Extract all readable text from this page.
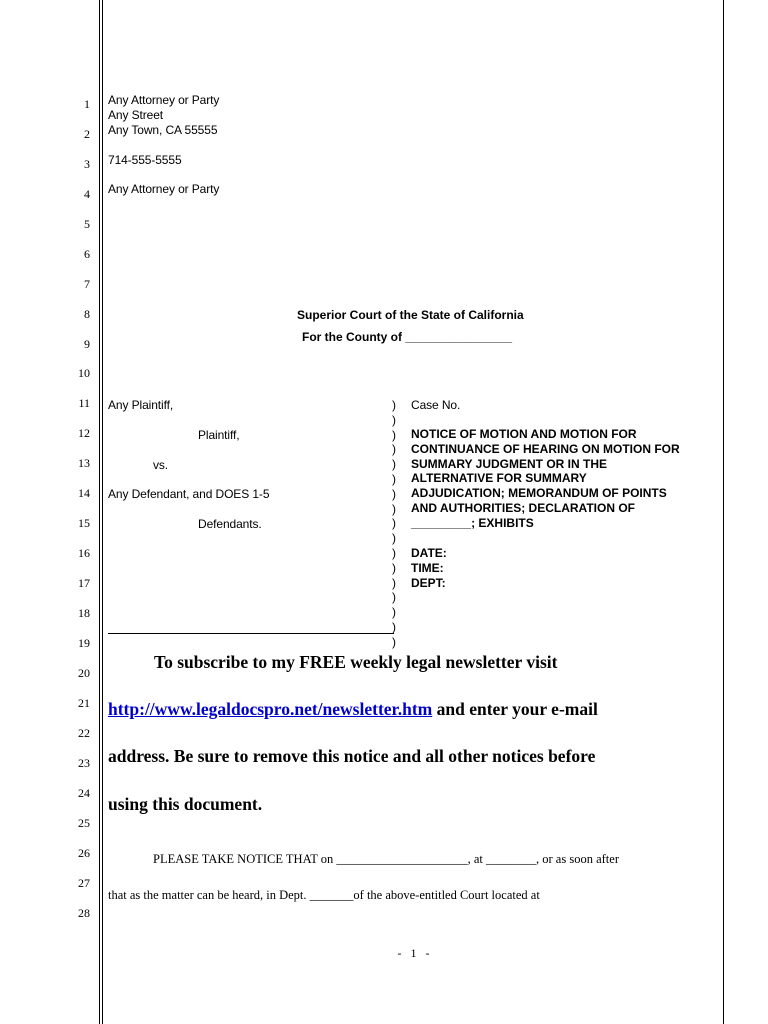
1
2
3
4
5
6
7
8
9
10
11
12
13
14
15
16
17
18
19
20
21
22
23
24
25
26
27
28
Any Attorney or Party
Any Street
Any Town, CA 55555
714-555-5555
Any Attorney or Party
Superior Court of the State of California
For the County of ________________
Any Plaintiff,
Plaintiff,
vs.
Any Defendant, and DOES 1-5
Defendants.
)
)
)
)
)
)
)
)
)
)
)
)
)
)
)
)
)
Case No.
NOTICE OF MOTION AND MOTION FOR
CONTINUANCE OF HEARING ON MOTION FOR
SUMMARY JUDGMENT OR IN THE
ALTERNATIVE FOR SUMMARY
ADJUDICATION; MEMORANDUM OF POINTS
AND AUTHORITIES; DECLARATION OF
_________; EXHIBITS
DATE:
TIME:
DEPT:
To subscribe to my FREE weekly legal newsletter visit
http://www.legaldocspro.net/newsletter.htm and enter your e-mail
address. Be sure to remove this notice and all other notices before
using this document.
PLEASE TAKE NOTICE THAT on _____________________, at ________, or as soon after
that as the matter can be heard, in Dept. _______of the above-entitled Court located at
- 1 -
